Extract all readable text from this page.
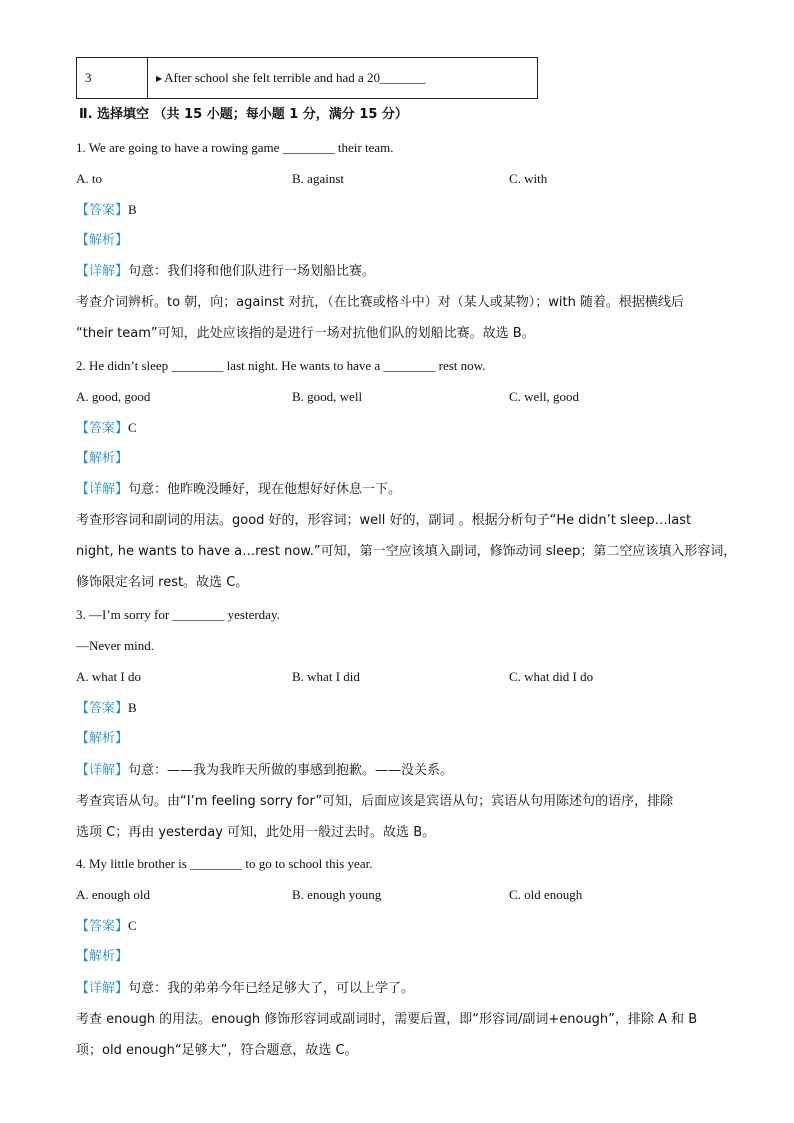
3	▶ After school she felt terrible and had a 20_______
Ⅱ. 选择填空 （共 15 小题；每小题 1 分，满分 15 分）
1. We are going to have a rowing game ________ their team.
A. to	B. against	C. with
【答案】B
【解析】
【详解】句意：我们将和他们队进行一场划船比赛。
考查介词辨析。to 朝，向；against 对抗，（在比赛或格斗中）对（某人或某物）；with 随着。根据横线后
“their team”可知，此处应该指的是进行一场对抗他们队的划船比赛。故选 B。
2. He didn’t sleep ________ last night. He wants to have a ________ rest now.
A. good, good	B. good, well	C. well, good
【答案】C
【解析】
【详解】句意：他昨晚没睡好，现在他想好好休息一下。
考查形容词和副词的用法。good 好的，形容词；well 好的，副词 。根据分析句子“He didn’t sleep…last
night, he wants to have a…rest now.”可知，第一空应该填入副词，修饰动词 sleep；第二空应该填入形容词，
修饰限定名词 rest。故选 C。
3. —I’m sorry for ________ yesterday.
—Never mind.
A. what I do	B. what I did	C. what did I do
【答案】B
【解析】
【详解】句意：——我为我昨天所做的事感到抱歉。——没关系。
考查宾语从句。由“I’m feeling sorry for”可知，后面应该是宾语从句；宾语从句用陈述句的语序，排除
选项 C；再由 yesterday 可知，此处用一般过去时。故选 B。
4. My little brother is ________ to go to school this year.
A. enough old	B. enough young	C. old enough
【答案】C
【解析】
【详解】句意：我的弟弟今年已经足够大了，可以上学了。
考查 enough 的用法。enough 修饰形容词或副词时，需要后置，即“形容词/副词+enough”，排除 A 和 B
项；old enough“足够大”，符合题意，故选 C。
